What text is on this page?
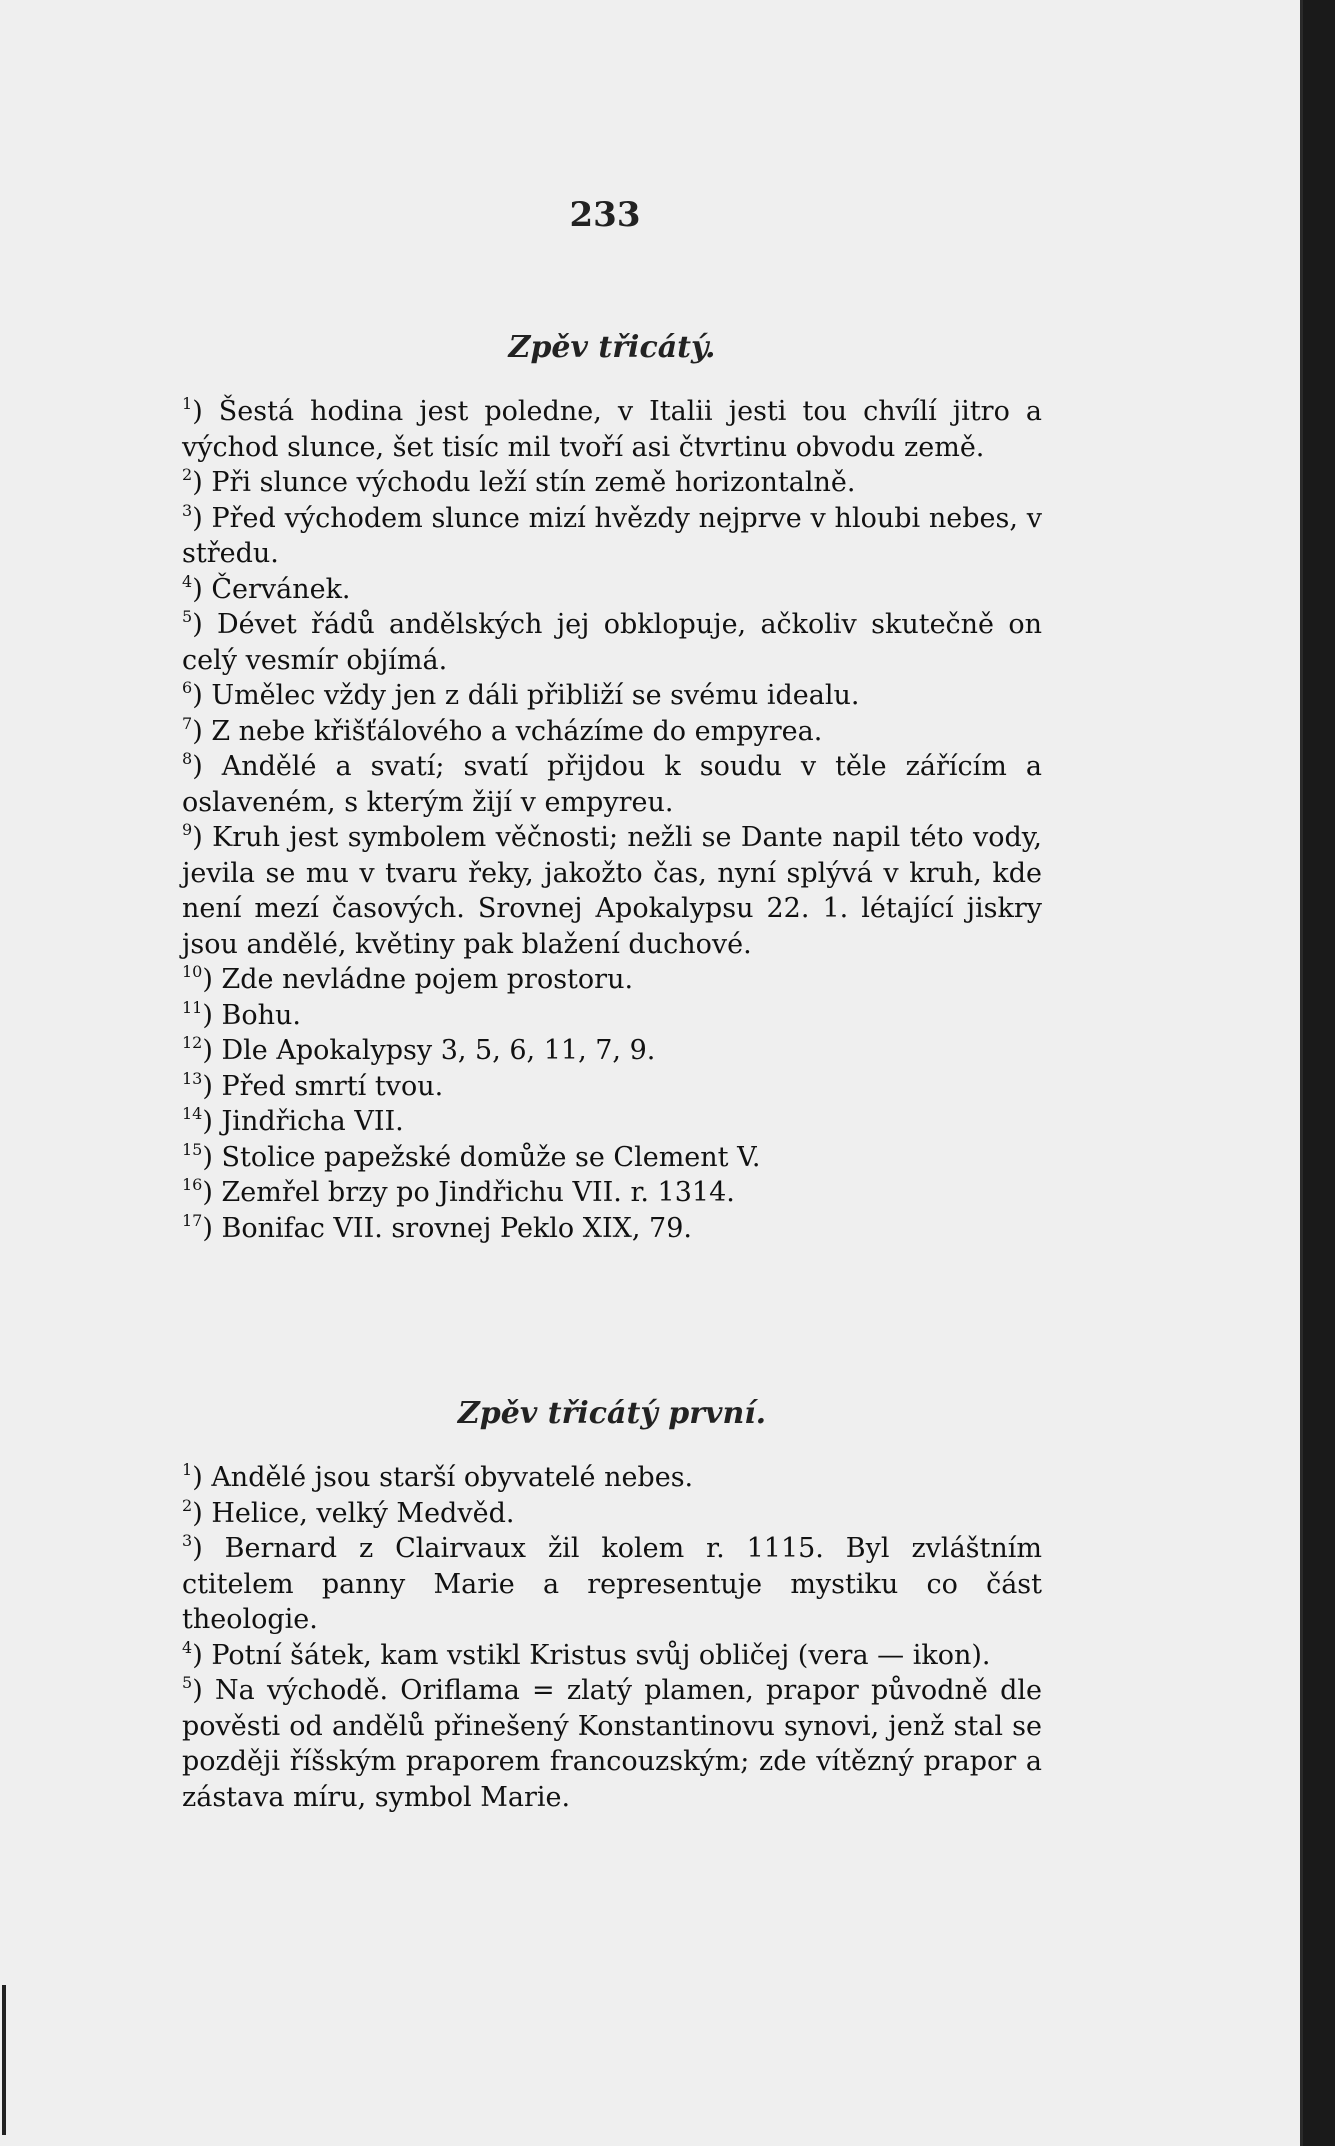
233
Zpěv třicátý.

$^1$) Šestá hodina jest poledne, v Italii jesti tou chvílí jitro a východ slunce, šet tisíc mil tvoří asi čtvrtinu obvodu země.

$^2$) Při slunce východu leží stín země horizontalně.

$^3$) Před východem slunce mizí hvězdy nejprve v hloubi nebes, v středu.

$^4$) Červánek.

$^5$) Dévet řádů andělských jej obklopuje, ačkoliv skutečně on celý vesmír objímá.

$^6$) Umělec vždy jen z dáli přibliží se svému idealu.

$^7$) Z nebe křišťálového a vcházíme do empyrea.

$^8$) Andělé a svatí; svatí přijdou k soudu v těle zářícím a oslaveném, s kterým žijí v empyreu.

$^9$) Kruh jest symbolem věčnosti; nežli se Dante napil této vody, jevila se mu v tvaru řeky, jakožto čas, nyní splývá v kruh, kde není mezí časových. Srovnej Apokalypsu 22. 1. létající jiskry jsou andělé, květiny pak blažení duchové.

$^{10}$) Zde nevládne pojem prostoru.

$^{11}$) Bohu.

$^{12}$) Dle Apokalypsy 3, 5, 6, 11, 7, 9.

$^{13}$) Před smrtí tvou.

$^{14}$) Jindřicha VII.

$^{15}$) Stolice papežské domůže se Clement V.

$^{16}$) Zemřel brzy po Jindřichu VII. r. 1314.

$^{17}$) Bonifac VII. srovnej Peklo XIX, 79.

Zpěv třicátý první.

$^1$) Andělé jsou starší obyvatelé nebes.

$^2$) Helice, velký Medvěd.

$^3$) Bernard z Clairvaux žil kolem r. 1115. Byl zvláštním ctitelem panny Marie a representuje mystiku co část theologie.

$^4$) Potní šátek, kam vstikl Kristus svůj obličej (vera — ikon).

$^5$) Na východě. Oriflama = zlatý plamen, prapor původně dle pověsti od andělů přinešený Konstantinovu synovi, jenž stal se později říšským praporem francouzským; zde vítězný prapor a zástava míru, symbol Marie.
